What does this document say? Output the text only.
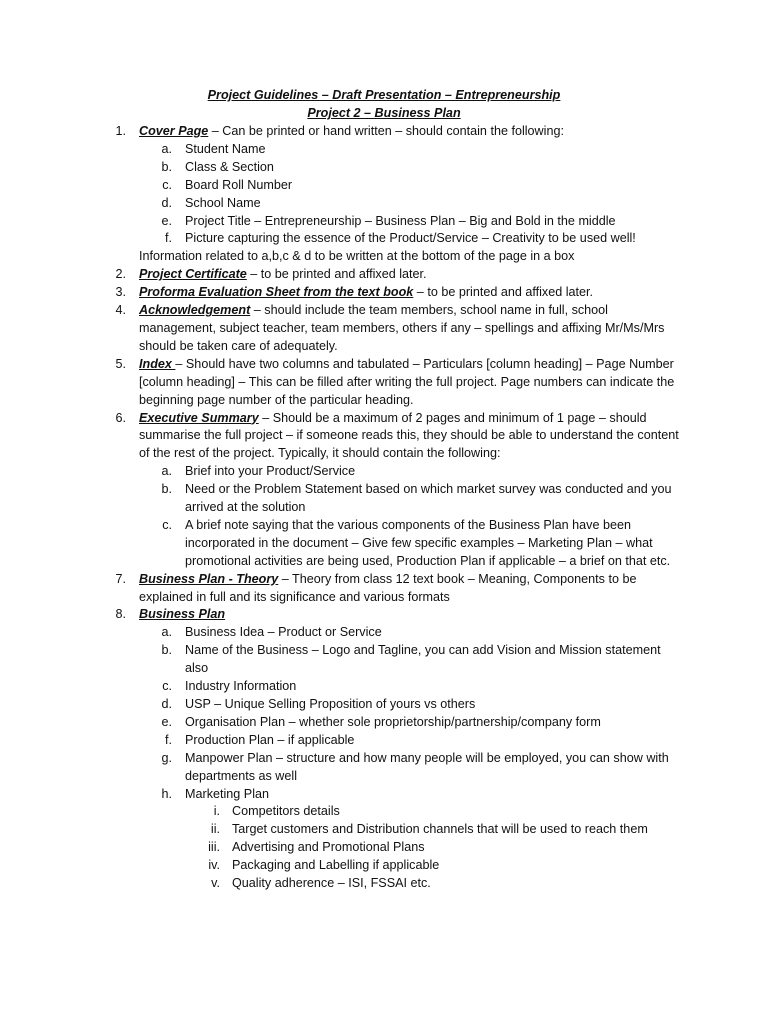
Project Guidelines – Draft Presentation – Entrepreneurship
Project 2 – Business Plan
1. Cover Page – Can be printed or hand written – should contain the following:
a. Student Name
b. Class & Section
c. Board Roll Number
d. School Name
e. Project Title – Entrepreneurship – Business Plan – Big and Bold in the middle
f. Picture capturing the essence of the Product/Service – Creativity to be used well!
Information related to a,b,c & d to be written at the bottom of the page in a box
2. Project Certificate – to be printed and affixed later.
3. Proforma Evaluation Sheet from the text book – to be printed and affixed later.
4. Acknowledgement – should include the team members, school name in full, school management, subject teacher, team members, others if any – spellings and affixing Mr/Ms/Mrs should be taken care of adequately.
5. Index – Should have two columns and tabulated – Particulars [column heading] – Page Number [column heading] – This can be filled after writing the full project. Page numbers can indicate the beginning page number of the particular heading.
6. Executive Summary – Should be a maximum of 2 pages and minimum of 1 page – should summarise the full project – if someone reads this, they should be able to understand the content of the rest of the project. Typically, it should contain the following:
a. Brief into your Product/Service
b. Need or the Problem Statement based on which market survey was conducted and you arrived at the solution
c. A brief note saying that the various components of the Business Plan have been incorporated in the document – Give few specific examples – Marketing Plan – what promotional activities are being used, Production Plan if applicable – a brief on that etc.
7. Business Plan - Theory – Theory from class 12 text book – Meaning, Components to be explained in full and its significance and various formats
8. Business Plan
a. Business Idea – Product or Service
b. Name of the Business – Logo and Tagline, you can add Vision and Mission statement also
c. Industry Information
d. USP – Unique Selling Proposition of yours vs others
e. Organisation Plan – whether sole proprietorship/partnership/company form
f. Production Plan – if applicable
g. Manpower Plan – structure and how many people will be employed, you can show with departments as well
h. Marketing Plan
i. Competitors details
ii. Target customers and Distribution channels that will be used to reach them
iii. Advertising and Promotional Plans
iv. Packaging and Labelling if applicable
v. Quality adherence – ISI, FSSAI etc.
